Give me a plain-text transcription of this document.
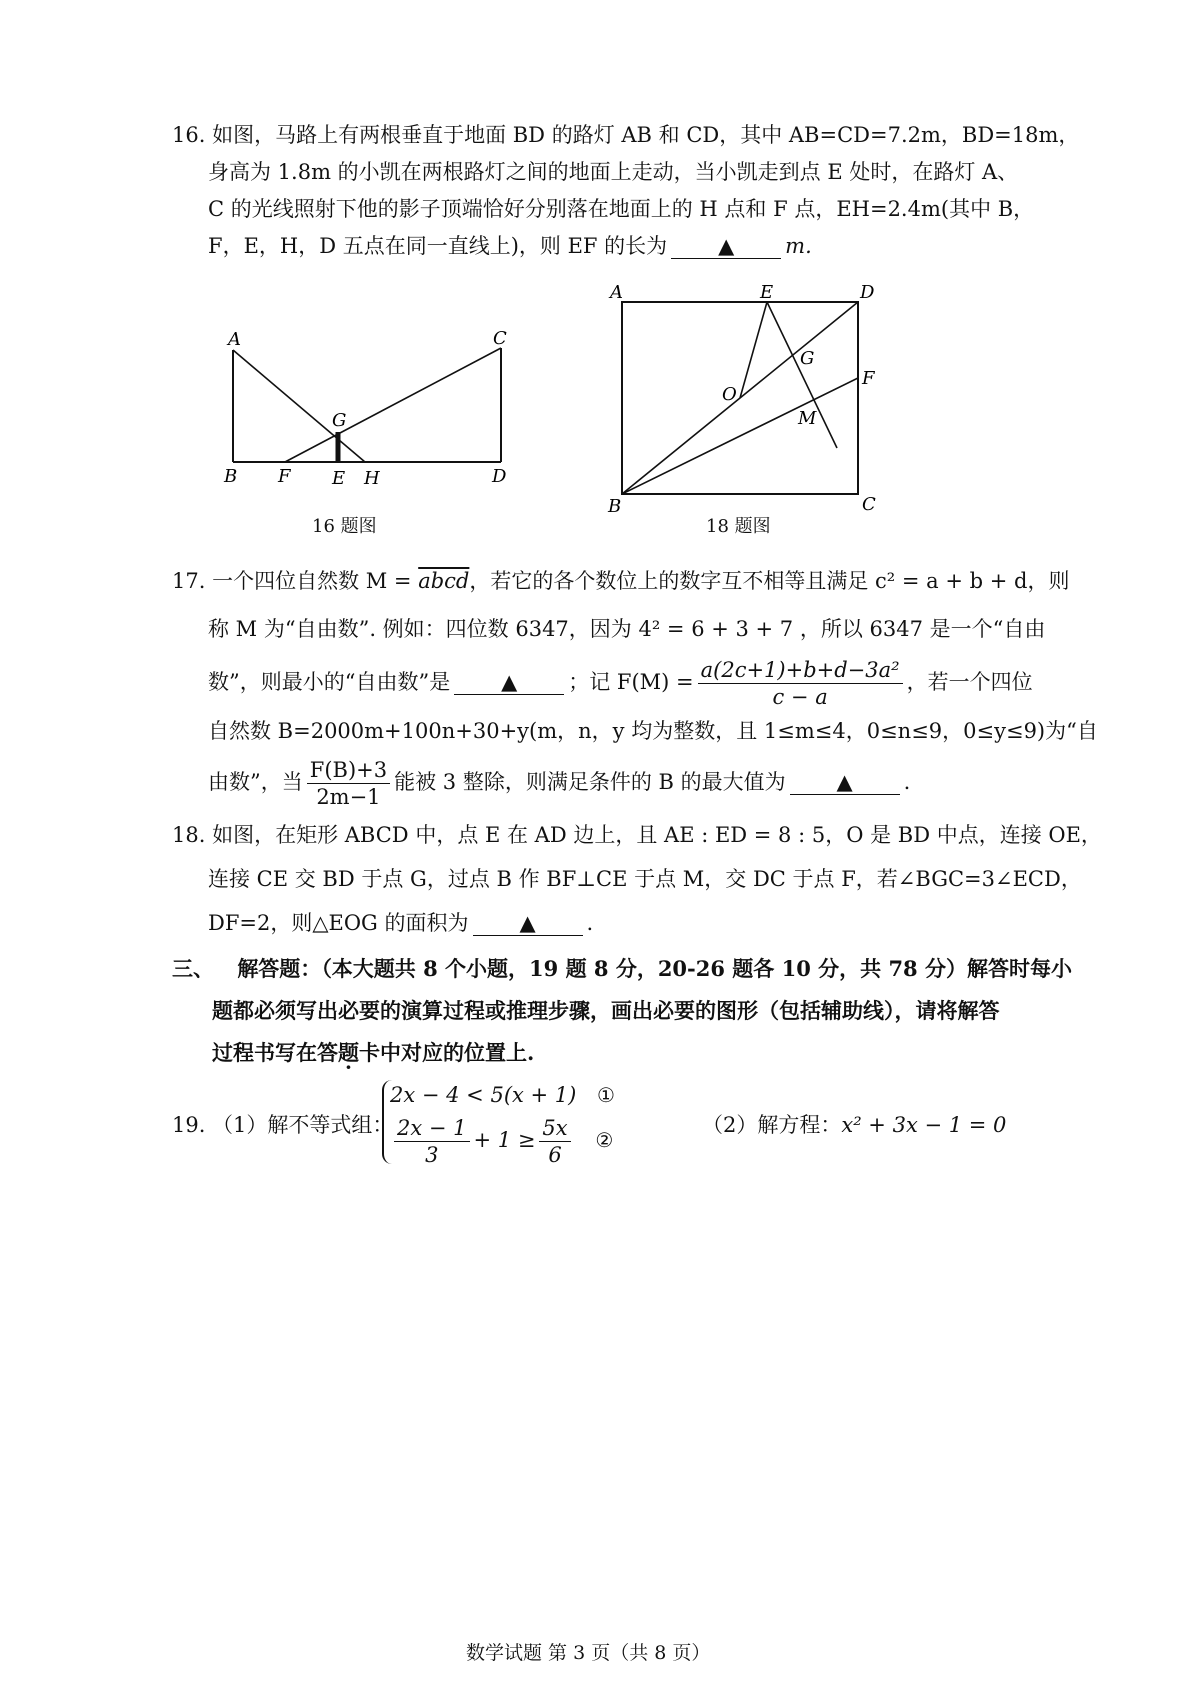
16. 如图，马路上有两根垂直于地面 BD 的路灯 AB 和 CD，其中 AB=CD=7.2m，BD=18m，
身高为 1.8m 的小凯在两根路灯之间的地面上走动，当小凯走到点 E 处时，在路灯 A、
C 的光线照射下他的影子顶端恰好分别落在地面上的 H 点和 F 点，EH=2.4m(其中 B，
F，E，H，D 五点在同一直线上)，则 EF 的长为 ▲ m.
A	C
G
B F E H	D
16 题图
A	E	D
G
F
O
M
B	C
18 题图
17. 一个四位自然数 M = abcd，若它的各个数位上的数字互不相等且满足 c² = a + b + d，则
称 M 为“自由数”. 例如：四位数 6347，因为 4² = 6 + 3 + 7 ，所以 6347 是一个“自由
数”，则最小的“自由数”是 ▲ ；记 $F(M) = \frac{\text{a(2c+1)+b+d−3a²}}{c - a}$ ，若一个四位
自然数 B=2000m+100n+30+y(m，n，y 均为整数，且 1≤m≤4，0≤n≤9，0≤y≤9)为“自
由数”，当 $\frac{F(B)+3}{2m-1}$ 能被 3 整除，则满足条件的 B 的最大值为 ▲ .
18. 如图，在矩形 ABCD 中，点 E 在 AD 边上，且 AE : ED = 8 : 5，O 是 BD 中点，连接 OE，
连接 CE 交 BD 于点 G，过点 B 作 BF⊥CE 于点 M，交 DC 于点 F，若∠BGC=3∠ECD，
DF=2，则△EOG 的面积为 ▲ .
三、 解答题：（本大题共 8 个小题，19 题 8 分，20-26 题各 10 分，共 78 分）解答时每小
题都必须写出必要的演算过程或推理步骤，画出必要的图形（包括辅助线），请将解答
过程书写在答题卡中对应的位置上.
19. （1）解不等式组：
2x − 4 < 5(x + 1) ①
$\frac{2x - 1}{3} + 1 \ge \frac{5x}{6}$ ②
（2）解方程：x² + 3x − 1 = 0
数学试题 第 3 页（共 8 页）
